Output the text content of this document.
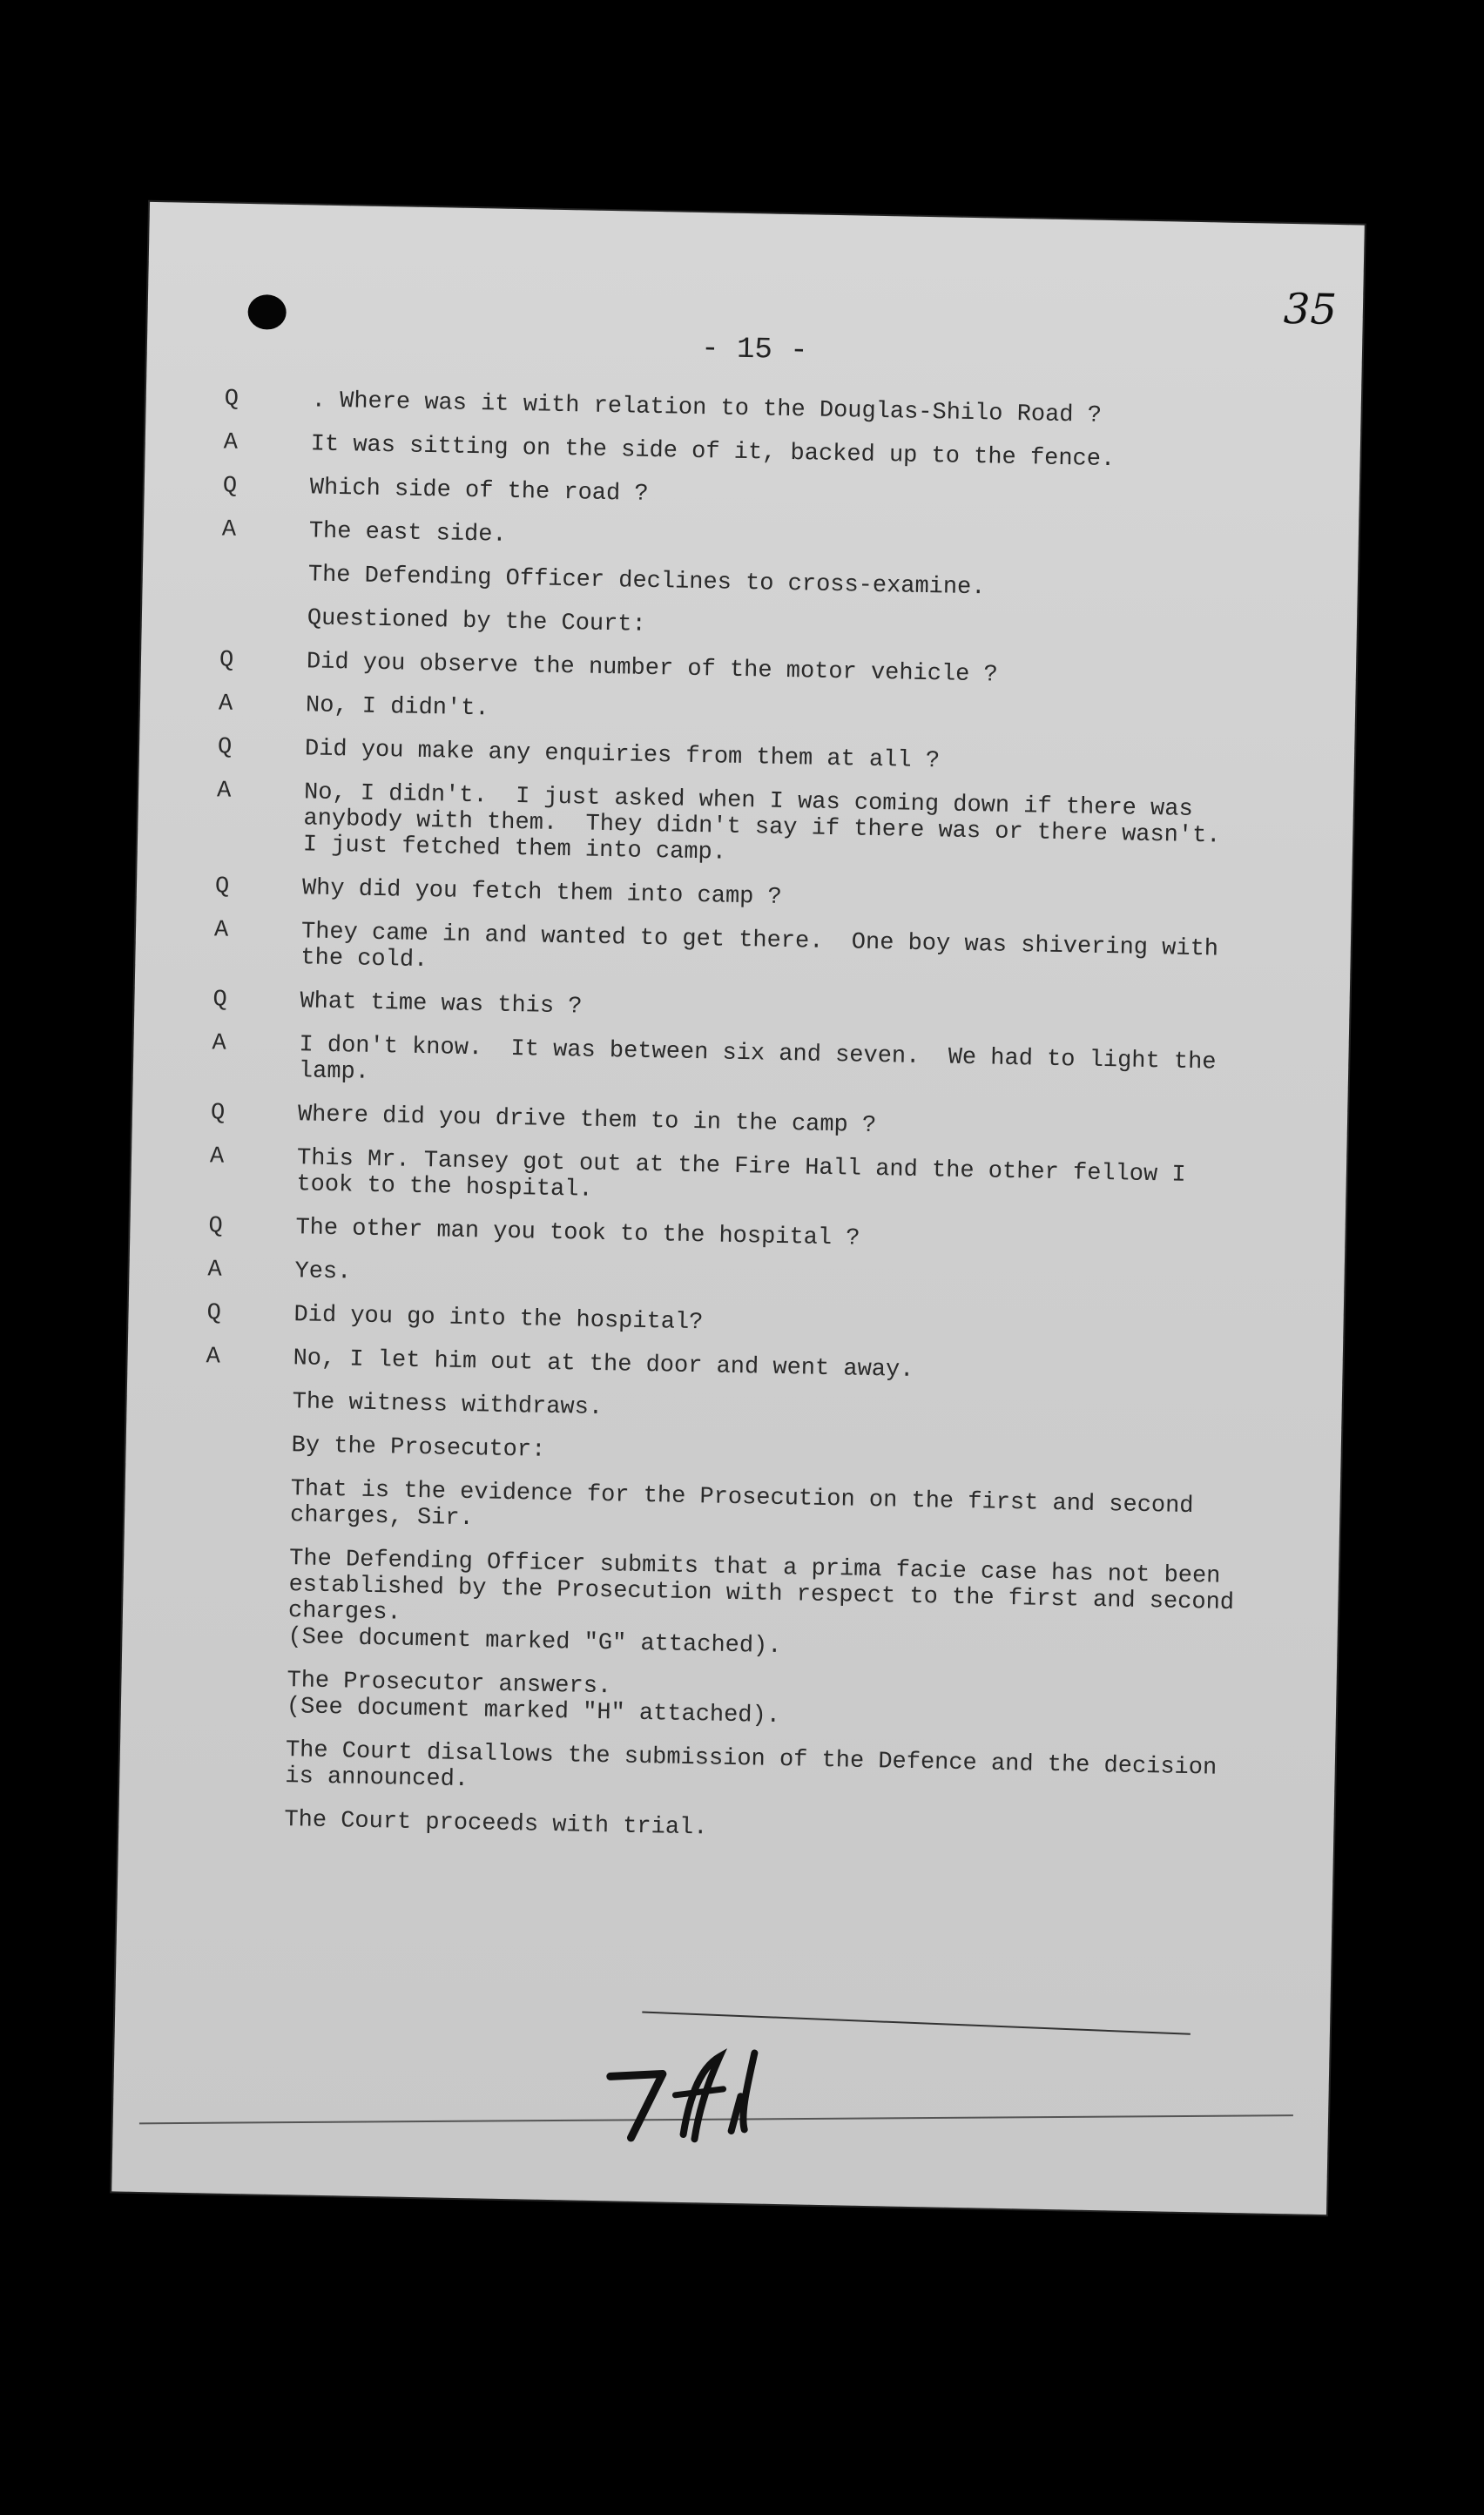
35
- 15 -
Q	. Where was it with relation to the Douglas-Shilo Road ?
A	It was sitting on the side of it, backed up to the fence.
Q	Which side of the road ?
A	The east side.
The Defending Officer declines to cross-examine.
Questioned by the Court:
Q	Did you observe the number of the motor vehicle ?
A	No, I didn't.
Q	Did you make any enquiries from them at all ?
A	No, I didn't.  I just asked when I was coming down if there was
anybody with them.  They didn't say if there was or there wasn't.
I just fetched them into camp.
Q	Why did you fetch them into camp ?
A	They came in and wanted to get there.  One boy was shivering with
the cold.
Q	What time was this ?
A	I don't know.  It was between six and seven.  We had to light the
lamp.
Q	Where did you drive them to in the camp ?
A	This Mr. Tansey got out at the Fire Hall and the other fellow I
took to the hospital.
Q	The other man you took to the hospital ?
A	Yes.
Q	Did you go into the hospital?
A	No, I let him out at the door and went away.
The witness withdraws.
By the Prosecutor:
That is the evidence for the Prosecution on the first and second
charges, Sir.
The Defending Officer submits that a prima facie case has not been
established by the Prosecution with respect to the first and second
charges.
(See document marked "G" attached).
The Prosecutor answers.
(See document marked "H" attached).
The Court disallows the submission of the Defence and the decision
is announced.
The Court proceeds with trial.
